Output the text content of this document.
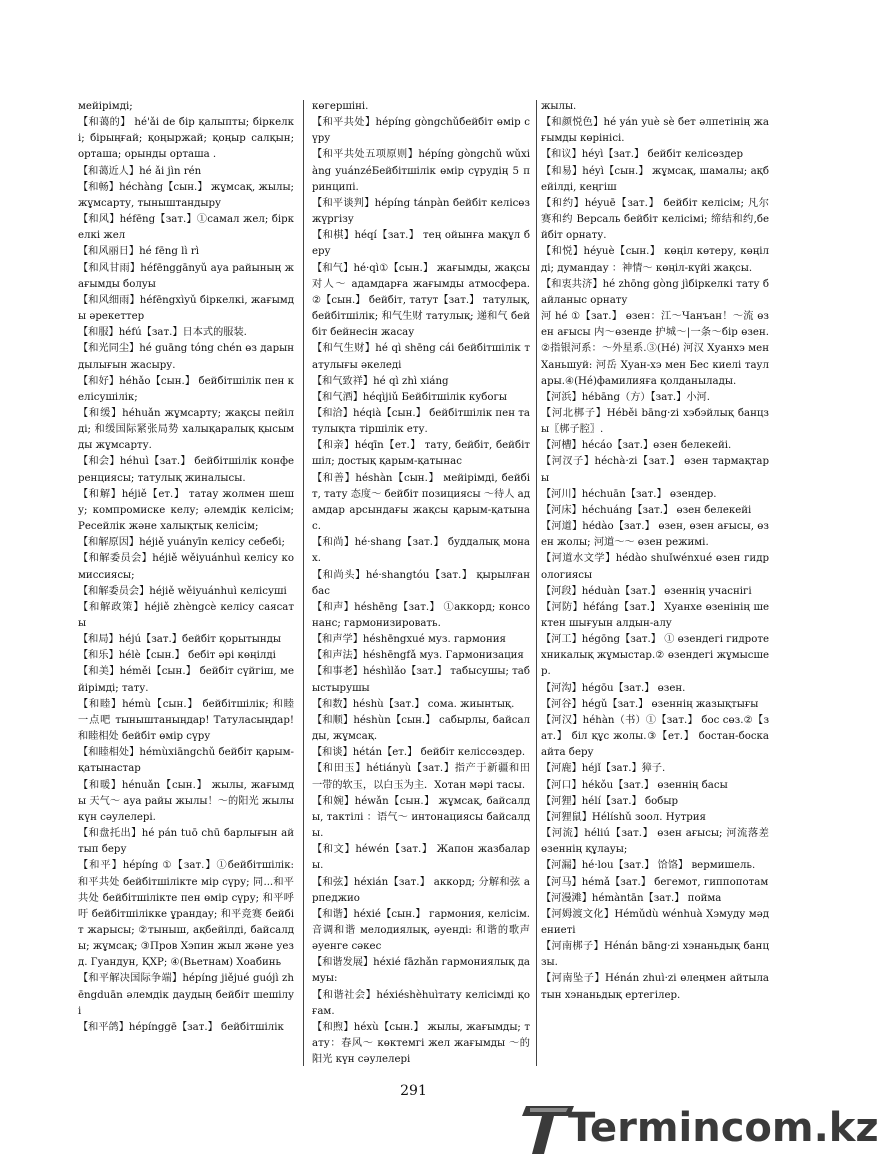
мейірімді;

【和蔼的】 hé'ǎi de біp қалыпты; біркелкі; бірыңғай; қоңыржай; қоңыр салқын; орташа; орынды орташа .

【和蔼近人】hé ǎi jìn rén

【和畅】héchàng【сын.】 жұмсақ, жылы; жұмсарту, тыныштандыру

【和风】héfēng【зат.】①самал жел; біркелкі жел

【和风丽日】hé fēng lì rì

【和风甘雨】héfēnggānyǔ ауа райының жағымды болуы

【和风细雨】héfēngxìyǔ біркелкі, жағымды әрекеттер

【和服】héfú【зат.】日本式的服装.

【和光同尘】hé guāng tóng chén өз дарындылығын жасыру.

【和好】héhǎo【сын.】 бейбітшілік пен келісушілік;

【和缓】héhuǎn жұмсарту; жақсы пейілді; 和缓国际紧张局势 халықаралық қысымды жұмсарту.

【和会】héhuì【зат.】 бейбітшілік конференциясы; татулық жиналысы.

【和解】héjiě【ет.】 татау жолмен шешу; компромиске келу; әлемдік келісім; Ресейлік және халықтық келісім;

【和解原因】héjiě yuányīn келісу себебі;

【和解委员会】héjiě wěiyuánhuì келісу комиссиясы;

【和解委员会】héjiě wěiyuánhuì келісуші

【和解政策】héjiě zhèngcè келісу саясаты

【和局】héjú【зат.】бейбіт қорытынды

【和乐】hélè【сын.】 бебіт әрі көңілді

【和美】héměi【сын.】 бейбіт сүйгіш, мейірімді; тату.

【和睦】hémù【сын.】 бейбітшілік; 和睦一点吧 тыныштаныңдар! Татуласыңдар! 和睦相处 бейбіт өмір сүру

【和睦相处】hémùxiāngchǔ бейбіт қарым-қатынастар

【和暖】hénuǎn【сын.】 жылы, жағымды 天气～ ауа райы жылы！～的阳光 жылы күн сәулелері.

【和盘托出】hé pán tuō chū барлығын айтып беру

【和平】hépíng ①【зат.】①бейбітшілік: 和平共处 бейбітшілікте мір сүру; 同...和平共处 бейбітшілікте пен өмір сүру; 和平呼吁 бейбітшілікке ұрандау; 和平竞赛 бейбіт жарысы; ②тыныш, ақбейілді, байсалды; жұмсақ; ③Пров Хэпин жыл және уезд. Гуандун, ҚХР; ④(Вьетнам) Хоабинь

【和平解决国际争端】hépíng jiějué guójì zhēngduān әлемдік даудың бейбіт шешілуі

【和平鸽】hépínggē【зат.】 бейбітшілік

көгершіні.

【和平共处】hépíng gòngchǔбейбіт өмір сүру

【和平共处五项原则】hépíng gòngchǔ wǔxiàng yuánzéБейбітшілік өмір сүрудің 5 принципі.

【和平谈判】hépíng tánpàn бейбіт келісөз жүргізу

【和棋】héqí【зат.】 тең ойынға мақұл беру

【和气】hé·qì①【сын.】 жағымды, жақсы 对人～ адамдарға жағымды атмосфера.②【сын.】 бейбіт, татут【зат.】 татулық, бейбітшілік; 和气生财 татулық; 递和气 бейбіт бейнесін жасау

【和气生财】hé qì shēng cái бейбітшілік татулығы әкеледі

【和气致祥】hé qì zhì xiáng

【和气酒】héqìjiǔ Бейбітшілік кубогы

【和洽】héqià【сын.】 бейбітшілік пен татулықта тіршілік ету.

【和亲】héqīn【ет.】 тату, бейбіт, бейбітшіл; достық қарым-қатынас

【和善】héshàn【сын.】 мейірімді, бейбіт, тату 态度～ бейбіт позициясы ～待人 адамдар арсындағы жақсы қарым-қатынас.

【和尚】hé·shang【зат.】 буддалық монах.

【和尚头】hé·shangtóu【зат.】 қырылған бас

【和声】héshēng【зат.】 ①аккорд; консонанс; гармонизировать.

【和声学】héshēngxué муз. гармония

【和声法】héshēngfǎ муз. Гармонизация

【和事老】héshìlǎo【зат.】 табысушы; табыстырушы

【和数】héshù【зат.】 сома. жиынтық.

【和顺】héshùn【сын.】 сабырлы, байсалды, жұмсақ.

【和谈】hétán【ет.】 бейбіт келіссөздер.

【和田玉】hétiányù【зат.】指产于新疆和田一带的软玉，以白玉为主．Хотан мәрі тасы.

【和婉】héwǎn【сын.】 жұмсақ, байсалды, тактілі ：语气～ интонациясы байсалды.

【和文】héwén【зат.】 Жапон жазбалары.

【和弦】héxián【зат.】 аккорд; 分解和弦 арпеджио

【和谐】héxié【сын.】 гармония, келісім. 音调和谐 мелодиялық, әуенді: 和谐的歌声 әуенге сәкес

【和谐发展】héxié fāzhǎn гармониялық дамуы:

【和谐社会】héxiéshèhuìтату келісімді қоғам.

【和煦】héxù【сын.】 жылы, жағымды; тату：春风～ көктемгі жел жағымды ～的阳光 күн сәулелері

жылы.

【和颜悦色】hé yán yuè sè бет әлпетінің жағымды көрінісі.

【和议】héyì【зат.】 бейбіт келісөздер

【和易】héyì【сын.】 жұмсақ, шамалы; ақбейілді, кеңгіш

【和约】héyuē【зат.】 бейбіт келісім; 凡尔赛和约 Версаль бейбіт келісімі; 缔结和约,бейбіт орнату.

【和悦】héyuè【сын.】 көңіл көтеру, көңілді; думандау ：神情～ көңіл-күйі жақсы.

【和衷共济】hé zhōng gòng jìбіркелкі тату байланыс орнату

河 hé ①【зат.】 өзен：江～Чанъан！～流 өзен ағысы 内～өзенде 护城～|一条～бір өзен.②指银河系：～外星系.③(Hé) 河汉 Хуанхэ мен Ханьшуй: 河岳 Хуан-хэ мен Бес киелі таулары.④(Hé)фамилияға қолданылады.

【河浜】hébāng（方）【зат.】小河.

【河北梆子】Héběi bāng·zi хэбэйлық банцзы〖梆子腔〗.

【河槽】hécáo【зат.】өзен белекейі.

【河汊子】héchà·zi【зат.】 өзен тармақтары

【河川】héchuān【зат.】 өзендер.

【河床】héchuáng【зат.】 өзен белекейі

【河道】hédào【зат.】 өзен, өзен ағысы, өзен жолы; 河道～～ өзен режимі.

【河道水文学】hédào shuǐwénxué өзен гидрологиясы

【河段】héduàn【зат.】 өзеннің учаснігі

【河防】héfáng【зат.】 Хуанхе өзенінің шектен шығуын алдын-алу

【河工】hégōng【зат.】 ① өзендегі гидротехникалық жұмыстар.② өзендегі жұмысшер.

【河沟】hégōu【зат.】 өзен.

【河谷】hégǔ【зат.】 өзеннің жазықтығы

【河汉】héhàn（书）①【зат.】 бос сөз.②【зат.】 біл құс жолы.③【ет.】 бостан-боска айта беру

【河鹿】héjǐ【зат.】獐子.

【河口】hékǒu【зат.】 өзеннің басы

【河狸】hélí【зат.】 бобыр

【河狸鼠】Hélíshǔ зоол. Нутрия

【河流】héliú【зат.】 өзен ағысы; 河流落差 өзеннің құлауы;

【河漏】hé·lou【зат.】 饸饹】 вермишель.

【河马】hémǎ【зат.】 бегемот, гиппопотам

【河漫滩】hémàntān【зат.】 пойма

【河姆渡文化】Hémǔdù wénhuà Хэмуду мәдениеті

【河南梆子】Hénán bāng·zi хэнаньдық банцзы.

【河南坠子】Hénán zhuì·zi өлеңмен айтылатын хэнаньдық ертегілер.

291
Termincom.kz
